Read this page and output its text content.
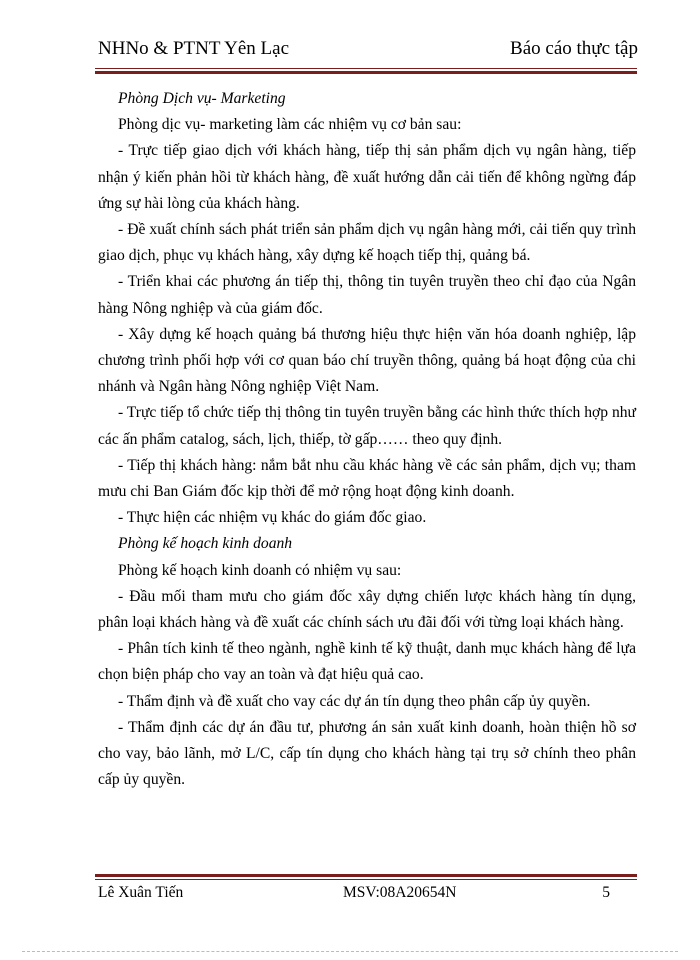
NHNo & PTNT Yên Lạc	Báo cáo thực tập

Phòng Dịch vụ- Marketing

Phòng dịc vụ- marketing làm các nhiệm vụ cơ bản sau:

- Trực tiếp giao dịch với khách hàng, tiếp thị sản phẩm dịch vụ ngân hàng, tiếp nhận ý kiến phản hồi từ khách hàng, đề xuất hướng dẫn cải tiến để không ngừng đáp ứng sự hài lòng của khách hàng.

- Đề xuất chính sách phát triển sản phẩm dịch vụ ngân hàng mới, cải tiến quy trình giao dịch, phục vụ khách hàng, xây dựng kế hoạch tiếp thị, quảng bá.

- Triển khai các phương án tiếp thị, thông tin tuyên truyền theo chỉ đạo của Ngân hàng Nông nghiệp và của giám đốc.

- Xây dựng kế hoạch quảng bá thương hiệu thực hiện văn hóa doanh nghiệp, lập chương trình phối hợp với cơ quan báo chí truyền thông, quảng bá hoạt động của chi nhánh và Ngân hàng Nông nghiệp Việt Nam.

- Trực tiếp tổ chức tiếp thị thông tin tuyên truyền bằng các hình thức thích hợp như các ấn phẩm catalog, sách, lịch, thiếp, tờ gấp…… theo quy định.

- Tiếp thị khách hàng: nắm bắt nhu cầu khác hàng về các sản phẩm, dịch vụ; tham mưu chi Ban Giám đốc kịp thời để mở rộng hoạt động kinh doanh.

- Thực hiện các nhiệm vụ khác do giám đốc giao.

Phòng kế hoạch kinh doanh

Phòng kế hoạch kinh doanh có nhiệm vụ sau:

- Đầu mối tham mưu cho giám đốc xây dựng chiến lược khách hàng tín dụng, phân loại khách hàng và đề xuất các chính sách ưu đãi đối với từng loại khách hàng.

- Phân tích kinh tế theo ngành, nghề kinh tế kỹ thuật, danh mục khách hàng để lựa chọn biện pháp cho vay an toàn và đạt hiệu quả cao.

- Thẩm định và đề xuất cho vay các dự án tín dụng theo phân cấp ủy quyền.

- Thẩm định các dự án đầu tư, phương án sản xuất kinh doanh, hoàn thiện hồ sơ cho vay, bảo lãnh, mở L/C, cấp tín dụng cho khách hàng tại trụ sở chính theo phân cấp ủy quyền.

Lê Xuân Tiến	MSV:08A20654N	5
